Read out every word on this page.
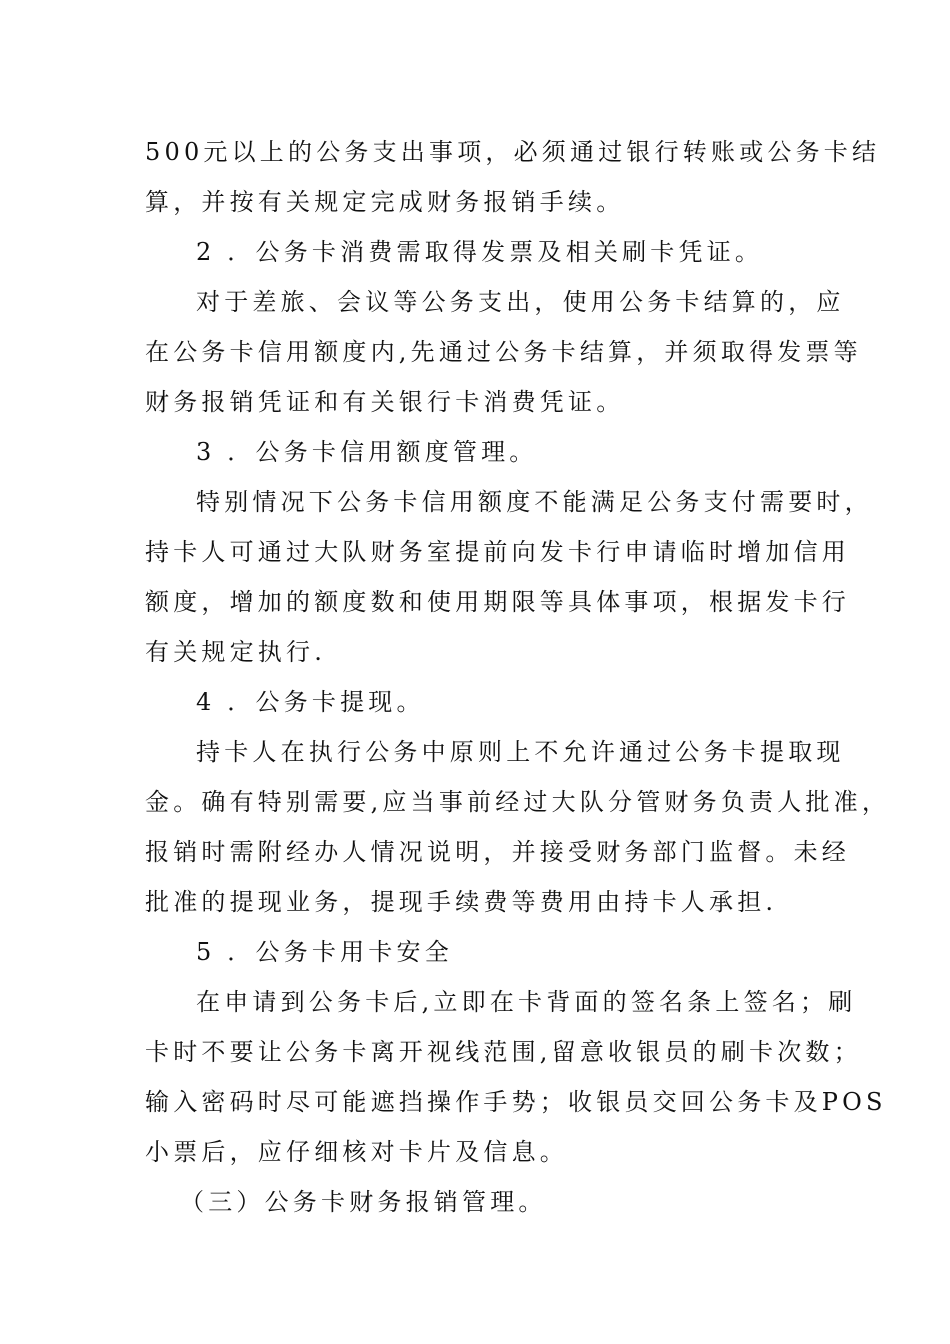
500元以上的公务支出事项，必须通过银行转账或公务卡结
算，并按有关规定完成财务报销手续。
2 ．公务卡消费需取得发票及相关刷卡凭证。
对于差旅、会议等公务支出，使用公务卡结算的，应
在公务卡信用额度内,先通过公务卡结算，并须取得发票等
财务报销凭证和有关银行卡消费凭证。
3 ．公务卡信用额度管理。
特别情况下公务卡信用额度不能满足公务支付需要时，
持卡人可通过大队财务室提前向发卡行申请临时增加信用
额度，增加的额度数和使用期限等具体事项，根据发卡行
有关规定执行.
4 ．公务卡提现。
持卡人在执行公务中原则上不允许通过公务卡提取现
金。确有特别需要,应当事前经过大队分管财务负责人批准，
报销时需附经办人情况说明，并接受财务部门监督。未经
批准的提现业务，提现手续费等费用由持卡人承担.
5 ．公务卡用卡安全
在申请到公务卡后,立即在卡背面的签名条上签名；刷
卡时不要让公务卡离开视线范围,留意收银员的刷卡次数；
输入密码时尽可能遮挡操作手势；收银员交回公务卡及POS
小票后，应仔细核对卡片及信息。
（三）公务卡财务报销管理。
